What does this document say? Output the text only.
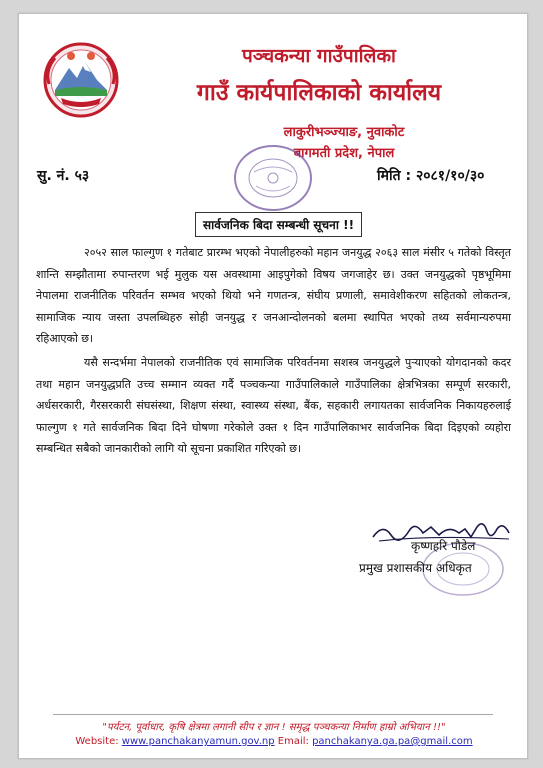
पञ्चकन्या गाउँपालिका
गाउँ कार्यपालिकाको कार्यालय
लाकुरीभञ्ज्याङ, नुवाकोट
बागमती प्रदेश, नेपाल
सु. नं. ५३	मिति : २०८१/१०/३०
सार्वजनिक बिदा सम्बन्धी सूचना !!

२०५२ साल फाल्गुण १ गतेबाट प्रारम्भ भएको नेपालीहरुको महान जनयुद्ध २०६३ साल मंसीर ५ गतेको विस्तृत शान्ति सम्झौतामा रुपान्तरण भई मुलुक यस अवस्थामा आइपुगेको विषय जगजाहेर छ। उक्त जनयुद्धको पृष्ठभूमिमा नेपालमा राजनीतिक परिवर्तन सम्भव भएको थियो भने गणतन्त्र, संघीय प्रणाली, समावेशीकरण सहितको लोकतन्त्र, सामाजिक न्याय जस्ता उपलब्धिहरु सोही जनयुद्ध र जनआन्दोलनको बलमा स्थापित भएको तथ्य सर्वमान्यरुपमा रहिआएको छ।

यसै सन्दर्भमा नेपालको राजनीतिक एवं सामाजिक परिवर्तनमा सशस्त्र जनयुद्धले पुऱ्याएको योगदानको कदर तथा महान जनयुद्धप्रति उच्च सम्मान व्यक्त गर्दै पञ्चकन्या गाउँपालिकाले गाउँपालिका क्षेत्रभित्रका सम्पूर्ण सरकारी, अर्धसरकारी, गैरसरकारी संघसंस्था, शिक्षण संस्था, स्वास्थ्य संस्था, बैंक, सहकारी लगायतका सार्वजनिक निकायहरुलाई फाल्गुण १ गते सार्वजनिक बिदा दिने घोषणा गरेकोले उक्त १ दिन गाउँपालिकाभर सार्वजनिक बिदा दिइएको व्यहोरा सम्बन्धित सबैको जानकारीको लागि यो सूचना प्रकाशित गरिएको छ।

कृष्णहरि पौडेल
प्रमुख प्रशासकीय अधिकृत
"पर्यटन, पूर्वाधार, कृषि क्षेत्रमा लगानी सीप र ज्ञान ! समृद्ध पञ्चकन्या निर्माण हाम्रो अभियान !!"
Website: www.panchakanyamun.gov.np Email: panchakanya.ga.pa@gmail.com
